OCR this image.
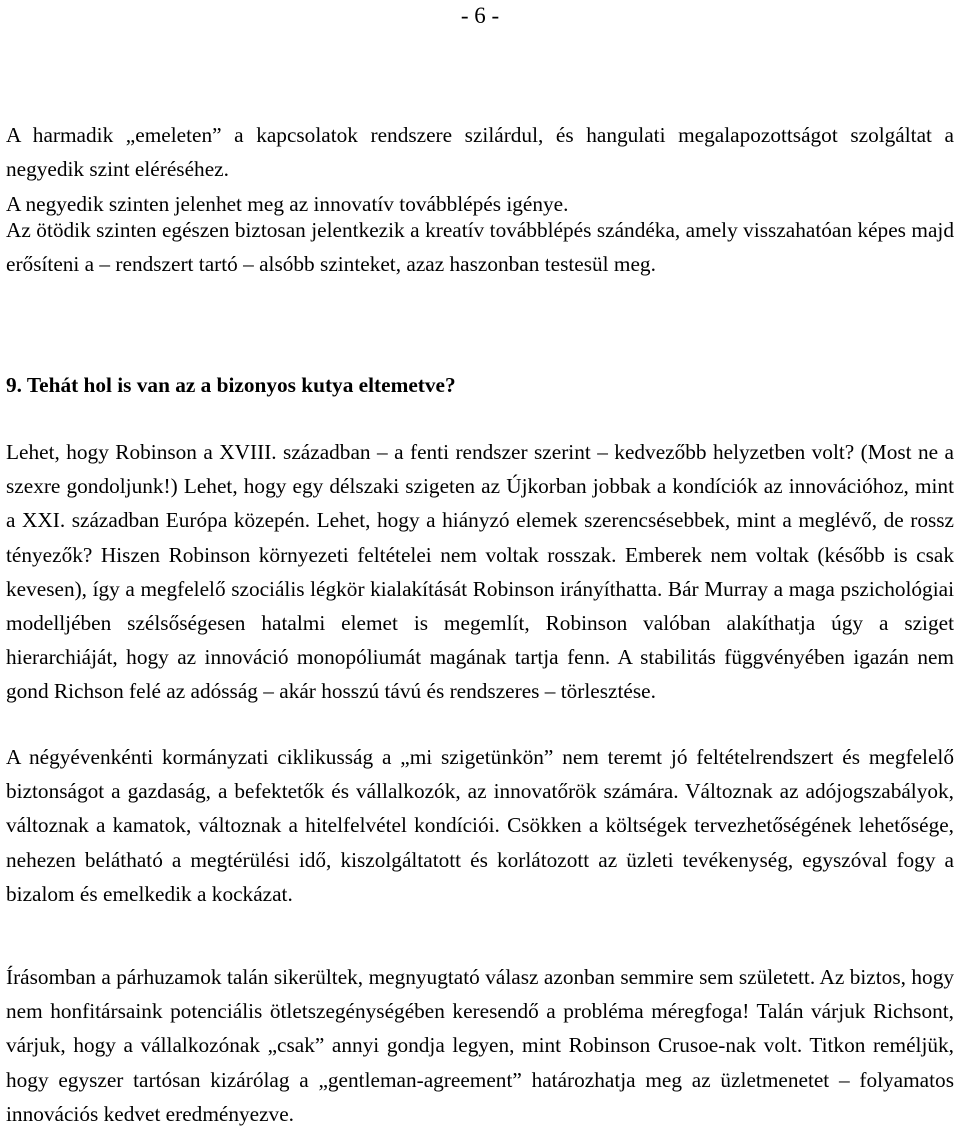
- 6 -

A harmadik „emeleten” a kapcsolatok rendszere szilárdul, és hangulati megalapozottságot szolgáltat a negyedik szint eléréséhez.

A negyedik szinten jelenhet meg az innovatív továbblépés igénye.

Az ötödik szinten egészen biztosan jelentkezik a kreatív továbblépés szándéka, amely visszahatóan képes majd erősíteni a – rendszert tartó – alsóbb szinteket, azaz haszonban testesül meg.

9. Tehát hol is van az a bizonyos kutya eltemetve?

Lehet, hogy Robinson a XVIII. században – a fenti rendszer szerint – kedvezőbb helyzetben volt? (Most ne a szexre gondoljunk!) Lehet, hogy egy délszaki szigeten az Újkorban jobbak a kondíciók az innovációhoz, mint a XXI. században Európa közepén. Lehet, hogy a hiányzó elemek szerencsésebbek, mint a meglévő, de rossz tényezők? Hiszen Robinson környezeti feltételei nem voltak rosszak. Emberek nem voltak (később is csak kevesen), így a megfelelő szociális légkör kialakítását Robinson irányíthatta. Bár Murray a maga pszichológiai modelljében szélsőségesen hatalmi elemet is megemlít, Robinson valóban alakíthatja úgy a sziget hierarchiáját, hogy az innováció monopóliumát magának tartja fenn. A stabilitás függvényében igazán nem gond Richson felé az adósság – akár hosszú távú és rendszeres – törlesztése.

A négyévenkénti kormányzati ciklikusság a „mi szigetünkön” nem teremt jó feltételrendszert és megfelelő biztonságot a gazdaság, a befektetők és vállalkozók, az innovatőrök számára. Változnak az adójogszabályok, változnak a kamatok, változnak a hitelfelvétel kondíciói. Csökken a költségek tervezhetőségének lehetősége, nehezen belátható a megtérülési idő, kiszolgáltatott és korlátozott az üzleti tevékenység, egyszóval fogy a bizalom és emelkedik a kockázat.

Írásomban a párhuzamok talán sikerültek, megnyugtató válasz azonban semmire sem született. Az biztos, hogy nem honfitársaink potenciális ötletszegénységében keresendő a probléma méregfoga! Talán várjuk Richsont, várjuk, hogy a vállalkozónak „csak” annyi gondja legyen, mint Robinson Crusoe-nak volt. Titkon reméljük, hogy egyszer tartósan kizárólag a „gentleman-agreement” határozhatja meg az üzletmenetet – folyamatos innovációs kedvet eredményezve.
